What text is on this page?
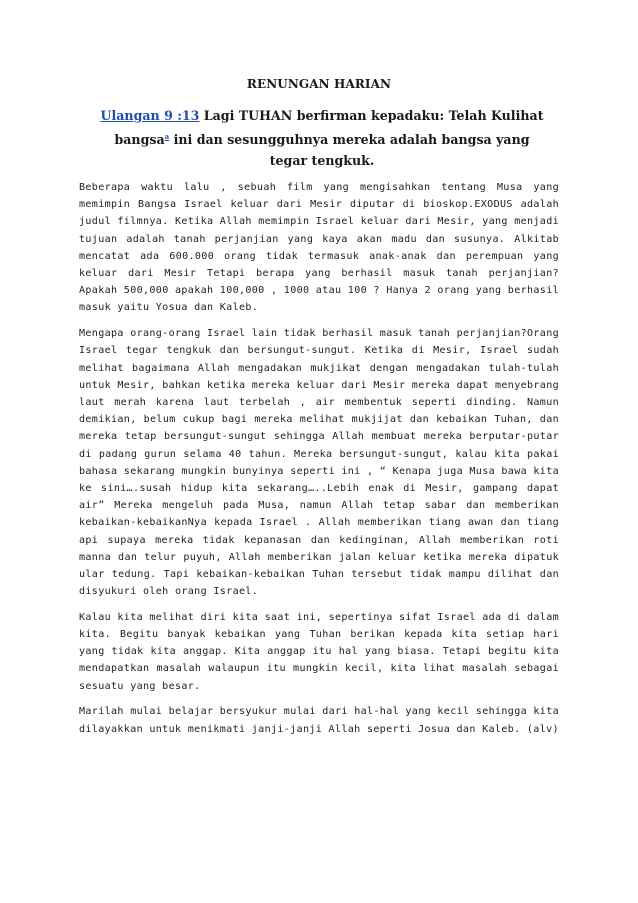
RENUNGAN HARIAN
Ulangan 9 :13 Lagi TUHAN berfirman kepadaku: Telah Kulihat bangsa$^a$ ini dan sesungguhnya mereka adalah bangsa yang tegar tengkuk.

Beberapa waktu lalu , sebuah film yang mengisahkan tentang Musa yang memimpin Bangsa Israel keluar dari Mesir diputar di bioskop.EXODUS adalah judul filmnya. Ketika Allah memimpin Israel keluar dari Mesir, yang menjadi tujuan adalah tanah perjanjian yang kaya akan madu dan susunya. Alkitab mencatat ada 600.000 orang tidak termasuk anak-anak dan perempuan yang keluar dari Mesir Tetapi berapa yang berhasil masuk tanah perjanjian? Apakah 500,000 apakah 100,000 , 1000 atau 100 ? Hanya 2 orang yang berhasil masuk yaitu Yosua dan Kaleb.

Mengapa orang-orang Israel lain tidak berhasil masuk tanah perjanjian?Orang Israel tegar tengkuk dan bersungut-sungut. Ketika di Mesir, Israel sudah melihat bagaimana Allah mengadakan mukjikat dengan mengadakan tulah-tulah untuk Mesir, bahkan ketika mereka keluar dari Mesir mereka dapat menyebrang laut merah karena laut terbelah , air membentuk seperti dinding. Namun demikian, belum cukup bagi mereka melihat mukjijat dan kebaikan Tuhan, dan mereka tetap bersungut-sungut sehingga Allah membuat mereka berputar-putar di padang gurun selama 40 tahun. Mereka bersungut-sungut, kalau kita pakai bahasa sekarang mungkin bunyinya seperti ini , “ Kenapa juga Musa bawa kita ke sini….susah hidup kita sekarang…..Lebih enak di Mesir, gampang dapat air” Mereka mengeluh pada Musa, namun Allah tetap sabar dan memberikan kebaikan-kebaikanNya kepada Israel . Allah memberikan tiang awan dan tiang api supaya mereka tidak kepanasan dan kedinginan, Allah memberikan roti manna dan telur puyuh, Allah memberikan jalan keluar ketika mereka dipatuk ular tedung. Tapi kebaikan-kebaikan Tuhan tersebut tidak mampu dilihat dan disyukuri oleh orang Israel.

Kalau kita melihat diri kita saat ini, sepertinya sifat Israel ada di dalam kita. Begitu banyak kebaikan yang Tuhan berikan kepada kita setiap hari yang tidak kita anggap. Kita anggap itu hal yang biasa. Tetapi begitu kita mendapatkan masalah walaupun itu mungkin kecil, kita lihat masalah sebagai sesuatu yang besar.

Marilah mulai belajar bersyukur mulai dari hal-hal yang kecil sehingga kita dilayakkan untuk menikmati janji-janji Allah seperti Josua dan Kaleb. (alv)
